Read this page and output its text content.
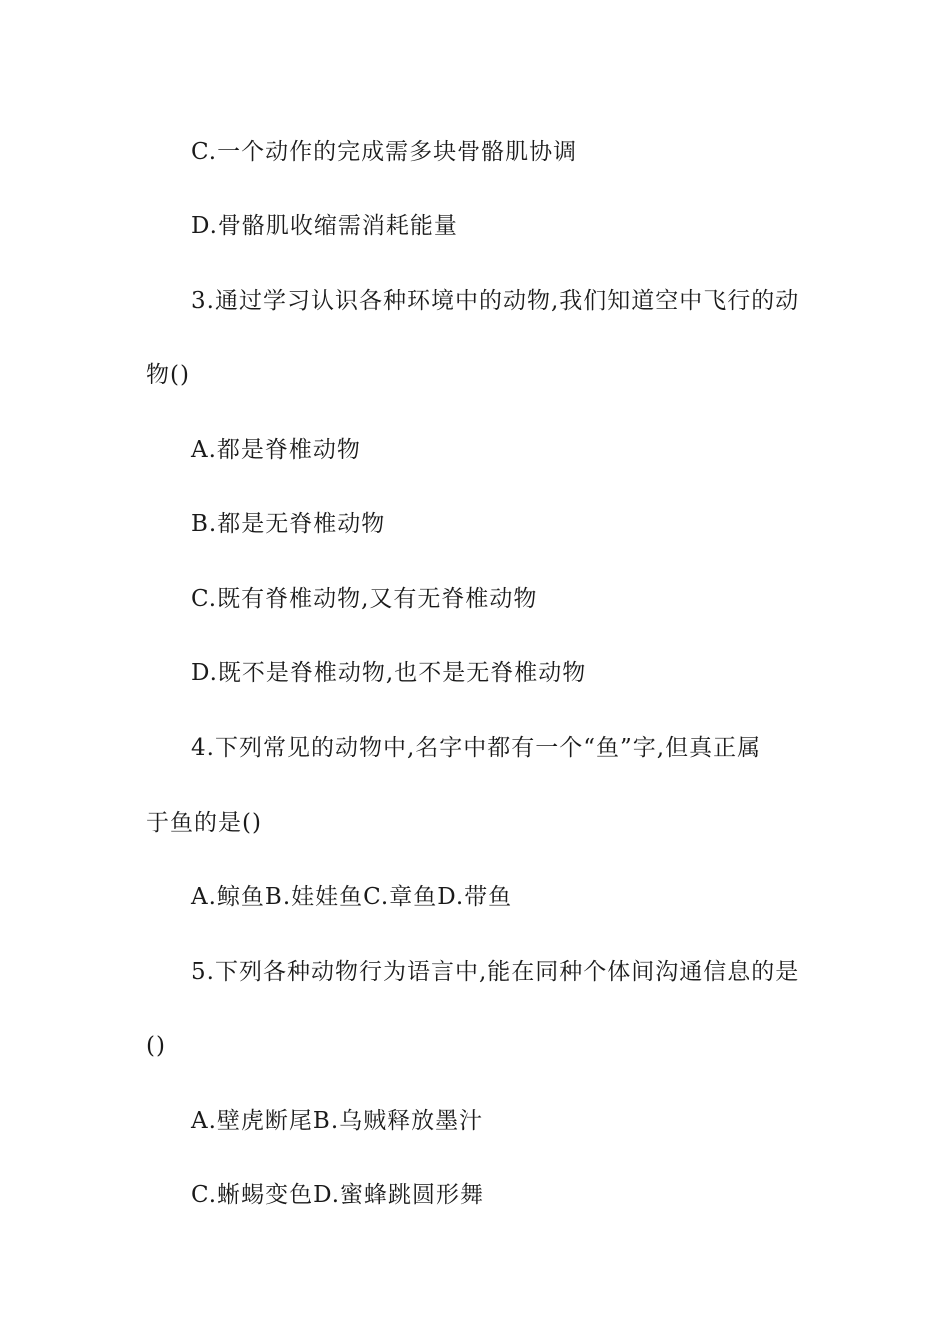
C.一个动作的完成需多块骨骼肌协调
D.骨骼肌收缩需消耗能量
3.通过学习认识各种环境中的动物,我们知道空中飞行的动
物()
A.都是脊椎动物
B.都是无脊椎动物
C.既有脊椎动物,又有无脊椎动物
D.既不是脊椎动物,也不是无脊椎动物
4.下列常见的动物中,名字中都有一个“鱼”字,但真正属
于鱼的是()
A.鲸鱼B.娃娃鱼C.章鱼D.带鱼
5.下列各种动物行为语言中,能在同种个体间沟通信息的是
()
A.壁虎断尾B.乌贼释放墨汁
C.蜥蜴变色D.蜜蜂跳圆形舞
